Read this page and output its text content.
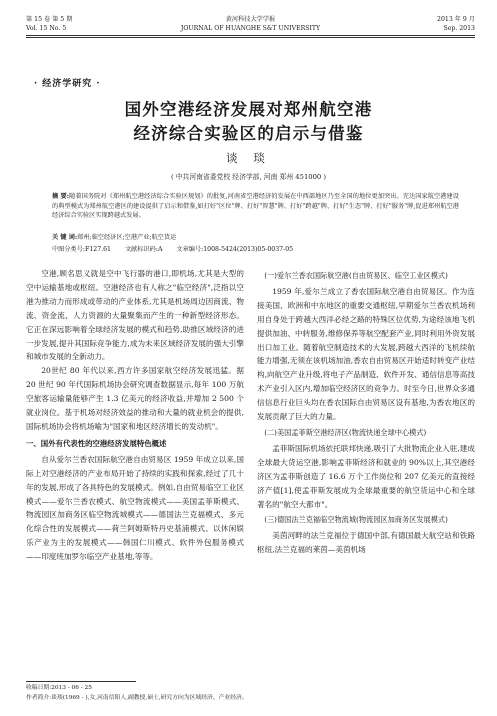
第 15 卷 第 5 期
Vol. 15 No. 5
黄河科技大学学报
JOURNAL OF HUANGHE S&T UNIVERSITY
2013 年 9 月
Sep. 2013
· 经济学研究 ·
国外空港经济发展对郑州航空港
经济综合实验区的启示与借鉴
谈 琰
( 中共河南省委党校 经济学部, 河南 郑州 451000 )
摘 要:随着国务院对《郑州航空港经济综合实验区规划》的批复,河南省空港经济的发展在中西部地区乃至全国的地位更加突出。充达国家航空港建设的典型模式为郑州航空港区的建设提供了启示和借鉴,如打好"区位"牌、打好"智慧"牌、打好"跨越"牌、打好"生态"牌、打好"服务"牌,促进郑州航空港经济综合实验区实现跨越式发展。
关 键 词:郑州;临空经济区;空港产业;航空货运
中图分类号:F127.61 文献标识码:A 文章编号:1008-5424(2013)05-0037-05

空港,顾名思义就是空中飞行器的港口,即机场,尤其是大型的空中运输基地或枢纽。空港经济也有人称之"临空经济",泛指以空港为推动力而形成或带动的产业体系,尤其是机场周边因商流、物流、资金流、人力资源的大量聚集而产生的一种新型经济形态。它正在深远影响着全球经济发展的模式和趋势,助推区域经济的进一步发展,提升其国际竞争能力,成为未来区域经济发展的强大引擎和城市发展的全新动力。

20世纪 80 年代以来,西方许多国家航空经济发展迅猛。据 20 世纪 90 年代国际机场协会研究调查数据显示,每年 100 万航空旅客运输量能够产生 1.3 亿美元的经济收益,并增加 2 500 个就业岗位。基于机场对经济效益的推动和大量的就业机会的提供,国际机场协会将机场喻为"国家和地区经济增长的发动机"。

一、国外有代表性的空港经济发展特色概述

自从爱尔兰香农国际航空港自由贸易区 1959 年成立以来,国际上对空港经济的产业布局开始了持续的实践和探索,经过了几十年的发展,形成了各具特色的发展模式。例如,自由贸易临空工业区模式——爱尔兰香农模式、航空物流模式——美国孟菲斯模式、物流园区加商务区临空物流城模式——德国法兰克福模式、多元化综合性的发展模式——荷兰阿姆斯特丹史基浦模式、以休闲娱乐产业为主的发展模式——韩国仁川模式、软件外包服务模式——印度班加罗尔临空产业基地,等等。

(一)爱尔兰香农国际航空港(自由贸易区、临空工业区模式)

1959 年,爱尔兰成立了香农国际航空港自由贸易区。作为连接美国、欧洲和中东地区的重要交通枢纽,早期爱尔兰香农机场利用自身处于跨越大西洋必经之路的特殊区位优势,为途经该地飞机提供加油、中转服务,维修保养等航空配套产业,同时利用外资发展出口加工业。随着航空制造技术的大发展,跨越大西洋的飞机续航能力增强,无须在该机场加油,香农自由贸易区开始适时转变产业结构,向航空产业升级,将电子产品制造、软件开发、通信信息等高技术产业引入区内,增加临空经济区的竞争力。时至今日,世界众多通信信息行业巨头均在香农国际自由贸易区设有基地,为香农地区的发展贡献了巨大的力量。

(二)美国孟菲斯空港经济区(物流快递全球中心模式)

孟菲斯国际机场依托联邦快递,吸引了大批物流企业入驻,建成全球最大货运空港,影响孟菲斯经济和就业的 90%以上,其空港经济区为孟菲斯创造了 16.6 万个工作岗位和 207 亿美元的直接经济产值[1],使孟菲斯发展成为全球最重要的航空货运中心和全球著名的"航空大都市"。

(三)德国法兰克福临空物流城(物流园区加商务区发展模式)

美茵河畔的法兰克福位于德国中部,有德国最大航空站和铁路枢纽,法兰克福的莱茵—美茵机场

收稿日期:2013 - 06 - 25
作者简介:谈琰(1969 - ),女,河南信阳人,副教授,硕士,研究方向为区域经济、产业经济。
